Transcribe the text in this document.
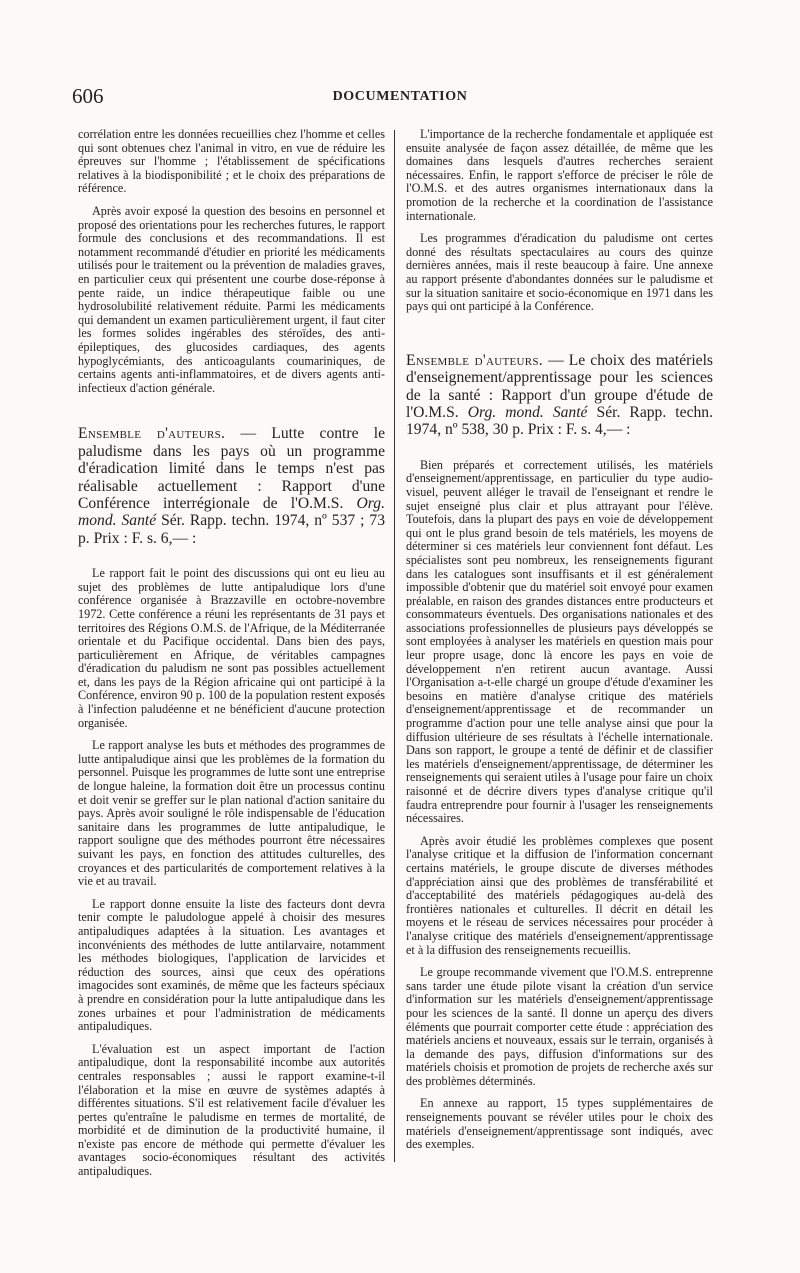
606	DOCUMENTATION

corrélation entre les données recueillies chez l'homme et celles qui sont obtenues chez l'animal in vitro, en vue de réduire les épreuves sur l'homme ; l'établissement de spécifications relatives à la biodisponibilité ; et le choix des préparations de référence.

Après avoir exposé la question des besoins en personnel et proposé des orientations pour les recherches futures, le rapport formule des conclusions et des recommandations. Il est notamment recommandé d'étudier en priorité les médicaments utilisés pour le traitement ou la prévention de maladies graves, en particulier ceux qui présentent une courbe dose-réponse à pente raide, un indice thérapeutique faible ou une hydrosolubilité relativement réduite. Parmi les médicaments qui demandent un examen particulièrement urgent, il faut citer les formes solides ingérables des stéroïdes, des anti-épileptiques, des glucosides cardiaques, des agents hypoglycémiants, des anticoagulants coumariniques, de certains agents anti-inflammatoires, et de divers agents anti-infectieux d'action générale.

Ensemble d'auteurs. — Lutte contre le paludisme dans les pays où un programme d'éradication limité dans le temps n'est pas réalisable actuellement : Rapport d'une Conférence interrégionale de l'O.M.S. Org. mond. Santé Sér. Rapp. techn. 1974, nº 537 ; 73 p. Prix : F. s. 6,— :

Le rapport fait le point des discussions qui ont eu lieu au sujet des problèmes de lutte antipaludique lors d'une conférence organisée à Brazzaville en octobre-novembre 1972. Cette conférence a réuni les représentants de 31 pays et territoires des Régions O.M.S. de l'Afrique, de la Méditerranée orientale et du Pacifique occidental. Dans bien des pays, particulièrement en Afrique, de véritables campagnes d'éradication du paludism ne sont pas possibles actuellement et, dans les pays de la Région africaine qui ont participé à la Conférence, environ 90 p. 100 de la population restent exposés à l'infection paludéenne et ne bénéficient d'aucune protection organisée.

Le rapport analyse les buts et méthodes des programmes de lutte antipaludique ainsi que les problèmes de la formation du personnel. Puisque les programmes de lutte sont une entreprise de longue haleine, la formation doit être un processus continu et doit venir se greffer sur le plan national d'action sanitaire du pays. Après avoir souligné le rôle indispensable de l'éducation sanitaire dans les programmes de lutte antipaludique, le rapport souligne que des méthodes pourront être nécessaires suivant les pays, en fonction des attitudes culturelles, des croyances et des particularités de comportement relatives à la vie et au travail.

Le rapport donne ensuite la liste des facteurs dont devra tenir compte le paludologue appelé à choisir des mesures antipaludiques adaptées à la situation. Les avantages et inconvénients des méthodes de lutte antilarvaire, notamment les méthodes biologiques, l'application de larvicides et réduction des sources, ainsi que ceux des opérations imagocides sont examinés, de même que les facteurs spéciaux à prendre en considération pour la lutte antipaludique dans les zones urbaines et pour l'administration de médicaments antipaludiques.

L'évaluation est un aspect important de l'action antipaludique, dont la responsabilité incombe aux autorités centrales responsables ; aussi le rapport examine-t-il l'élaboration et la mise en œuvre de systèmes adaptés à différentes situations. S'il est relativement facile d'évaluer les pertes qu'entraîne le paludisme en termes de mortalité, de morbidité et de diminution de la productivité humaine, il n'existe pas encore de méthode qui permette d'évaluer les avantages socio-économiques résultant des activités antipaludiques.

L'importance de la recherche fondamentale et appliquée est ensuite analysée de façon assez détaillée, de même que les domaines dans lesquels d'autres recherches seraient nécessaires. Enfin, le rapport s'efforce de préciser le rôle de l'O.M.S. et des autres organismes internationaux dans la promotion de la recherche et la coordination de l'assistance internationale.

Les programmes d'éradication du paludisme ont certes donné des résultats spectaculaires au cours des quinze dernières années, mais il reste beaucoup à faire. Une annexe au rapport présente d'abondantes données sur le paludisme et sur la situation sanitaire et socio-économique en 1971 dans les pays qui ont participé à la Conférence.

Ensemble d'auteurs. — Le choix des matériels d'enseignement/apprentissage pour les sciences de la santé : Rapport d'un groupe d'étude de l'O.M.S. Org. mond. Santé Sér. Rapp. techn. 1974, nº 538, 30 p. Prix : F. s. 4,— :

Bien préparés et correctement utilisés, les matériels d'enseignement/apprentissage, en particulier du type audio-visuel, peuvent alléger le travail de l'enseignant et rendre le sujet enseigné plus clair et plus attrayant pour l'élève. Toutefois, dans la plupart des pays en voie de développement qui ont le plus grand besoin de tels matériels, les moyens de déterminer si ces matériels leur conviennent font défaut. Les spécialistes sont peu nombreux, les renseignements figurant dans les catalogues sont insuffisants et il est généralement impossible d'obtenir que du matériel soit envoyé pour examen préalable, en raison des grandes distances entre producteurs et consommateurs éventuels. Des organisations nationales et des associations professionnelles de plusieurs pays développés se sont employées à analyser les matériels en question mais pour leur propre usage, donc là encore les pays en voie de développement n'en retirent aucun avantage. Aussi l'Organisation a-t-elle chargé un groupe d'étude d'examiner les besoins en matière d'analyse critique des matériels d'enseignement/apprentissage et de recommander un programme d'action pour une telle analyse ainsi que pour la diffusion ultérieure de ses résultats à l'échelle internationale. Dans son rapport, le groupe a tenté de définir et de classifier les matériels d'enseignement/apprentissage, de déterminer les renseignements qui seraient utiles à l'usage pour faire un choix raisonné et de décrire divers types d'analyse critique qu'il faudra entreprendre pour fournir à l'usager les renseignements nécessaires.

Après avoir étudié les problèmes complexes que posent l'analyse critique et la diffusion de l'information concernant certains matériels, le groupe discute de diverses méthodes d'appréciation ainsi que des problèmes de transférabilité et d'acceptabilité des matériels pédagogiques au-delà des frontières nationales et culturelles. Il décrit en détail les moyens et le réseau de services nécessaires pour procéder à l'analyse critique des matériels d'enseignement/apprentissage et à la diffusion des renseignements recueillis.

Le groupe recommande vivement que l'O.M.S. entreprenne sans tarder une étude pilote visant la création d'un service d'information sur les matériels d'enseignement/apprentissage pour les sciences de la santé. Il donne un aperçu des divers éléments que pourrait comporter cette étude : appréciation des matériels anciens et nouveaux, essais sur le terrain, organisés à la demande des pays, diffusion d'informations sur des matériels choisis et promotion de projets de recherche axés sur des problèmes déterminés.

En annexe au rapport, 15 types supplémentaires de renseignements pouvant se révéler utiles pour le choix des matériels d'enseignement/apprentissage sont indiqués, avec des exemples.
